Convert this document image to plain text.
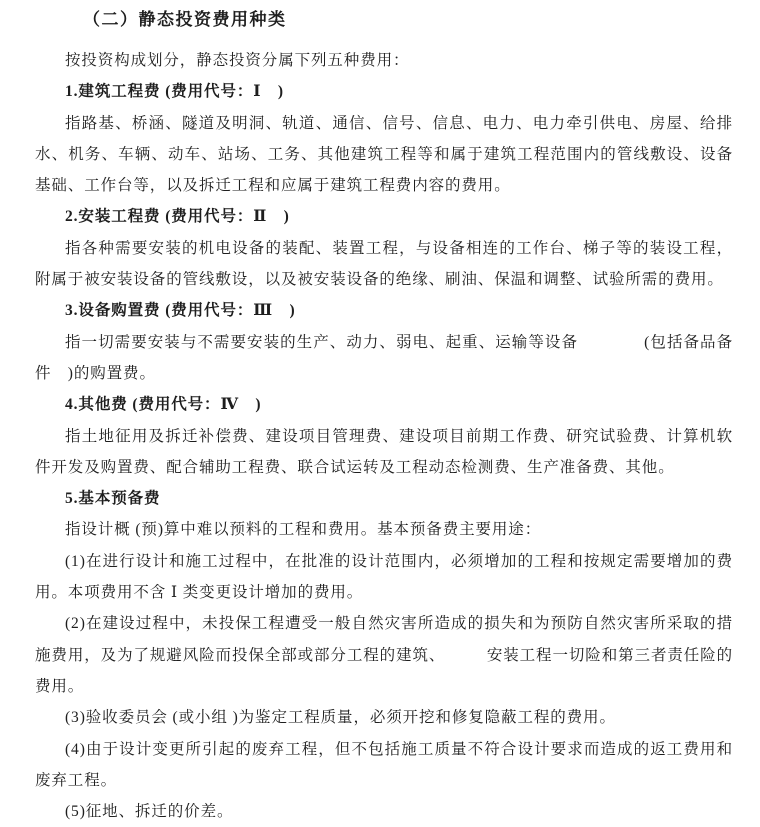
（二）静态投资费用种类

按投资构成划分，静态投资分属下列五种费用：

1.建筑工程费 (费用代号：Ⅰ　)

指路基、桥涵、隧道及明洞、轨道、通信、信号、信息、电力、电力牵引供电、房屋、给排水、机务、车辆、动车、站场、工务、其他建筑工程等和属于建筑工程范围内的管线敷设、设备基础、工作台等，以及拆迁工程和应属于建筑工程费内容的费用。

2.安装工程费 (费用代号：Ⅱ　)

指各种需要安装的机电设备的装配、装置工程，与设备相连的工作台、梯子等的装设工程，附属于被安装设备的管线敷设，以及被安装设备的绝缘、刷油、保温和调整、试验所需的费用。

3.设备购置费 (费用代号：Ⅲ　)

指一切需要安装与不需要安装的生产、动力、弱电、起重、运输等设备　　　　(包括备品备件　)的购置费。

4.其他费 (费用代号：Ⅳ　)

指土地征用及拆迁补偿费、建设项目管理费、建设项目前期工作费、研究试验费、计算机软件开发及购置费、配合辅助工程费、联合试运转及工程动态检测费、生产准备费、其他。

5.基本预备费

指设计概 (预)算中难以预料的工程和费用。基本预备费主要用途：

(1)在进行设计和施工过程中，在批准的设计范围内，必须增加的工程和按规定需要增加的费用。本项费用不含 Ⅰ 类变更设计增加的费用。

(2)在建设过程中，未投保工程遭受一般自然灾害所造成的损失和为预防自然灾害所采取的措施费用，及为了规避风险而投保全部或部分工程的建筑、　　　安装工程一切险和第三者责任险的费用。

(3)验收委员会 (或小组 )为鉴定工程质量，必须开挖和修复隐蔽工程的费用。

(4)由于设计变更所引起的废弃工程，但不包括施工质量不符合设计要求而造成的返工费用和废弃工程。

(5)征地、拆迁的价差。
